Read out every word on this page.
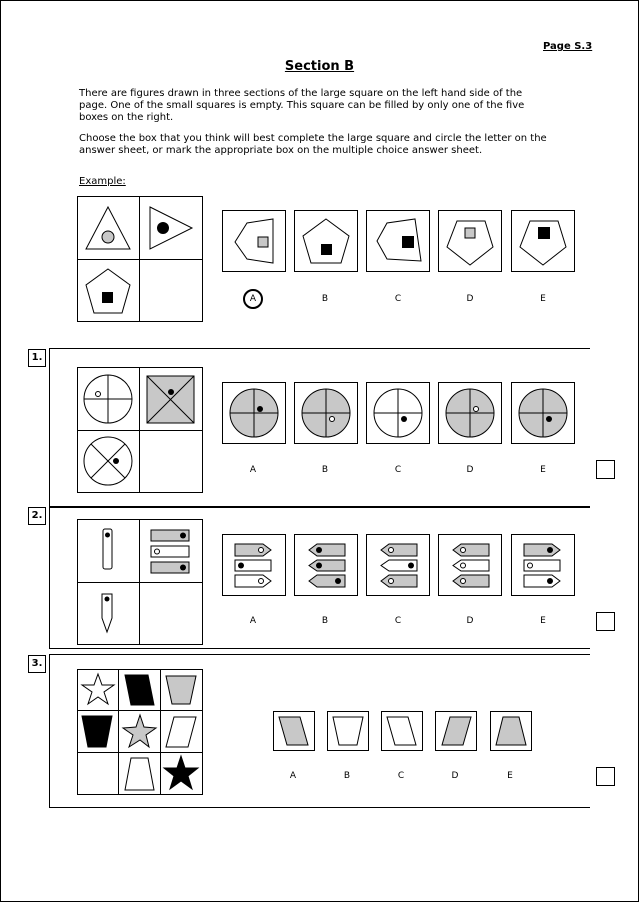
Page S.3
Section B
There are figures drawn in three sections of the large square on the left hand side of the page. One of the small squares is empty. This square can be filled by only one of the five boxes on the right.
Choose the box that you think will best complete the large square and circle the letter on the answer sheet, or mark the appropriate box on the multiple choice answer sheet.
Example:
A	B	C	D	E
1.
A	B	C	D	E
2.
A	B	C	D	E
3.
A	B	C	D	E
